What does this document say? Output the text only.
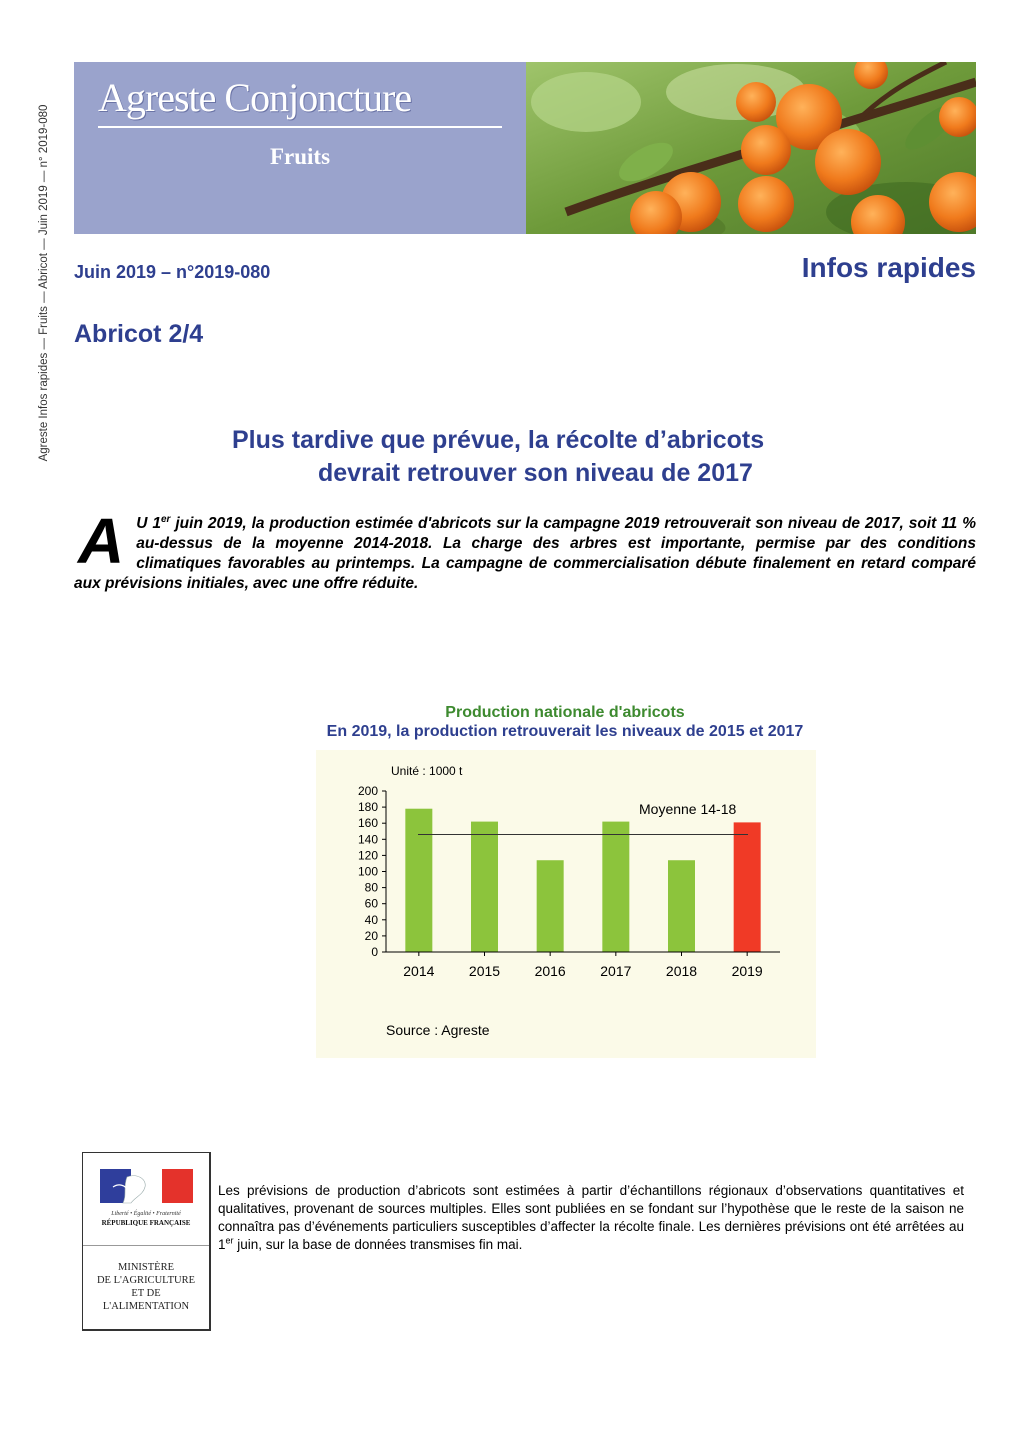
Agreste Infos rapides — Fruits — Abricot — Juin 2019 — n° 2019-080
Agreste Conjoncture
Fruits
Juin 2019 – n°2019-080	Infos rapides
Abricot 2/4
Plus tardive que prévue, la récolte d’abricots
devrait retrouver son niveau de 2017
A U 1er juin 2019, la production estimée d'abricots sur la campagne 2019 retrouverait son niveau de 2017, soit 11 % au-dessus de la moyenne 2014-2018. La charge des arbres est importante, permise par des conditions climatiques favorables au printemps. La campagne de commercialisation débute finalement en retard comparé aux prévisions initiales, avec une offre réduite.
Production nationale d'abricots
En 2019, la production retrouverait les niveaux de 2015 et 2017
Unité : 1000 t
2014 2015 2016 2017 2018 2019
0
20
40
60
80
100
120
140
160
180
200
Moyenne 14-18
Source : Agreste
Liberté • Égalité • Fraternité
RÉPUBLIQUE FRANÇAISE
MINISTÈRE
DE L'AGRICULTURE
ET DE
L'ALIMENTATION
Les prévisions de production d’abricots sont estimées à partir d’échantillons régionaux d’observations quantitatives et qualitatives, provenant de sources multiples. Elles sont publiées en se fondant sur l’hypothèse que le reste de la saison ne connaîtra pas d’événements particuliers susceptibles d’affecter la récolte finale. Les dernières prévisions ont été arrêtées au 1er juin, sur la base de données transmises fin mai.
